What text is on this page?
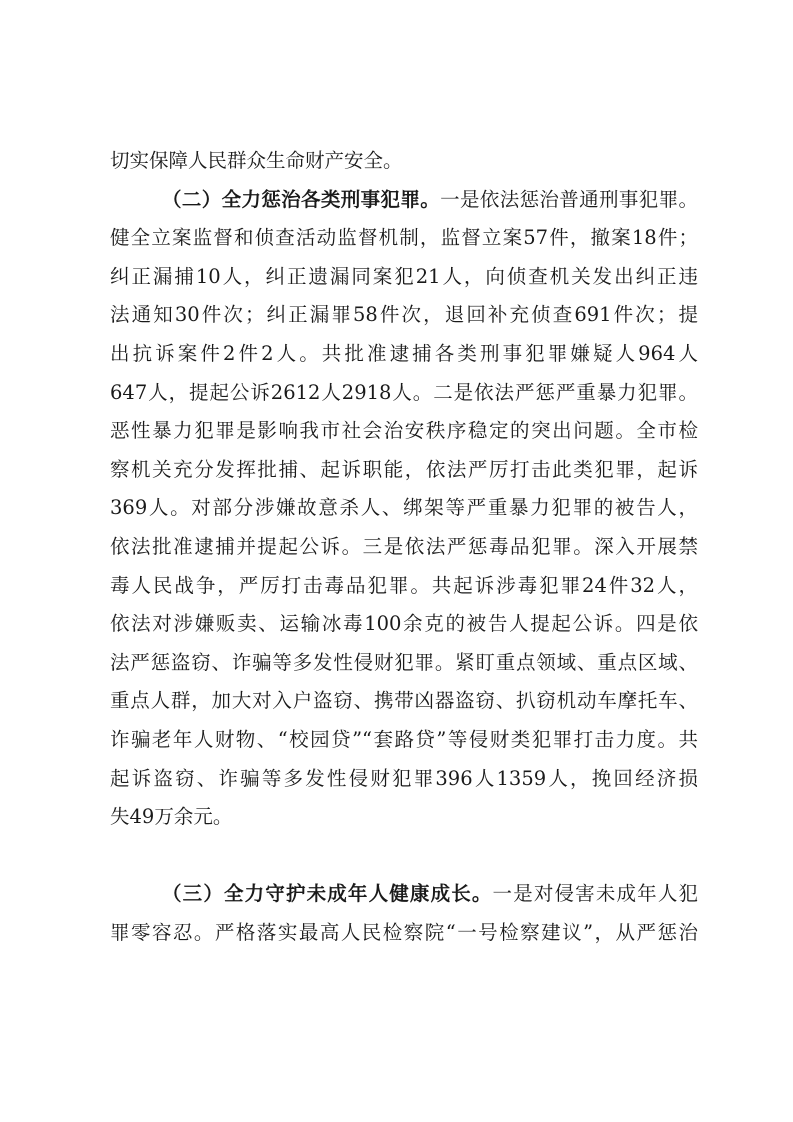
切实保障人民群众生命财产安全。
（二）全力惩治各类刑事犯罪。一是依法惩治普通刑事犯罪。
健全立案监督和侦查活动监督机制，监督立案57件，撤案18件；
纠正漏捕10人，纠正遗漏同案犯21人，向侦查机关发出纠正违
法通知30件次；纠正漏罪58件次，退回补充侦查691件次；提
出抗诉案件2件2人。共批准逮捕各类刑事犯罪嫌疑人964人
647人，提起公诉2612人2918人。二是依法严惩严重暴力犯罪。
恶性暴力犯罪是影响我市社会治安秩序稳定的突出问题。全市检
察机关充分发挥批捕、起诉职能，依法严厉打击此类犯罪，起诉
369人。对部分涉嫌故意杀人、绑架等严重暴力犯罪的被告人，
依法批准逮捕并提起公诉。三是依法严惩毒品犯罪。深入开展禁
毒人民战争，严厉打击毒品犯罪。共起诉涉毒犯罪24件32人，
依法对涉嫌贩卖、运输冰毒100余克的被告人提起公诉。四是依
法严惩盗窃、诈骗等多发性侵财犯罪。紧盯重点领域、重点区域、
重点人群，加大对入户盗窃、携带凶器盗窃、扒窃机动车摩托车、
诈骗老年人财物、“校园贷”“套路贷”等侵财类犯罪打击力度。共
起诉盗窃、诈骗等多发性侵财犯罪396人1359人，挽回经济损
失49万余元。
（三）全力守护未成年人健康成长。一是对侵害未成年人犯
罪零容忍。严格落实最高人民检察院“一号检察建议”，从严惩治
